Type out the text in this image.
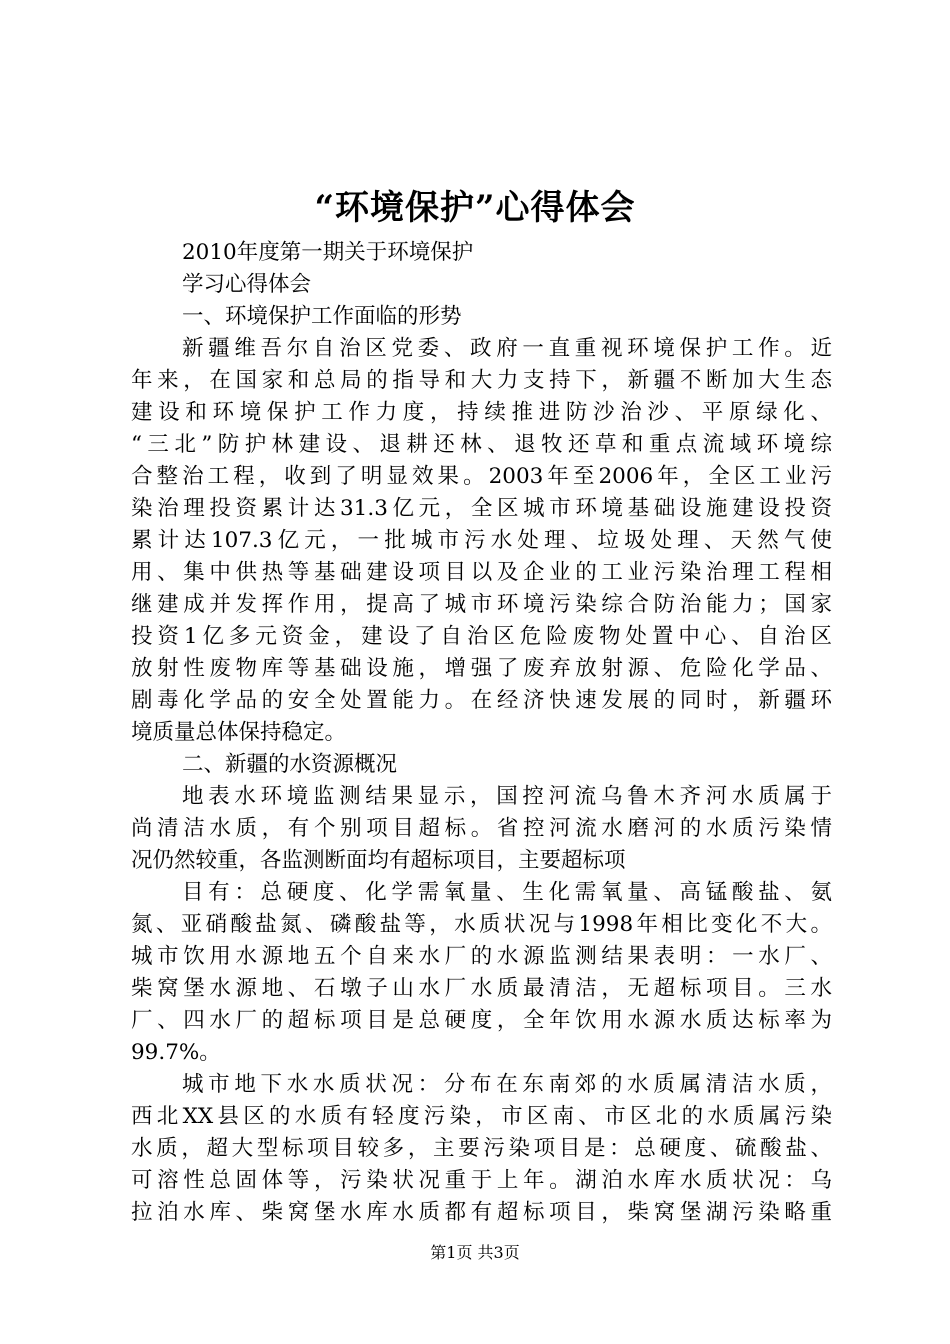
“环境保护”心得体会
2010年度第一期关于环境保护
学习心得体会
一、环境保护工作面临的形势
新疆维吾尔自治区党委、政府一直重视环境保护工作。近
年来，在国家和总局的指导和大力支持下，新疆不断加大生态
建设和环境保护工作力度，持续推进防沙治沙、平原绿化、
“三北”防护林建设、退耕还林、退牧还草和重点流域环境综
合整治工程，收到了明显效果。2003年至2006年，全区工业污
染治理投资累计达31.3亿元，全区城市环境基础设施建设投资
累计达107.3亿元，一批城市污水处理、垃圾处理、天然气使
用、集中供热等基础建设项目以及企业的工业污染治理工程相
继建成并发挥作用，提高了城市环境污染综合防治能力；国家
投资1亿多元资金，建设了自治区危险废物处置中心、自治区
放射性废物库等基础设施，增强了废弃放射源、危险化学品、
剧毒化学品的安全处置能力。在经济快速发展的同时，新疆环
境质量总体保持稳定。
二、新疆的水资源概况
地表水环境监测结果显示，国控河流乌鲁木齐河水质属于
尚清洁水质，有个别项目超标。省控河流水磨河的水质污染情
况仍然较重，各监测断面均有超标项目，主要超标项
目有：总硬度、化学需氧量、生化需氧量、高锰酸盐、氨
氮、亚硝酸盐氮、磷酸盐等，水质状况与1998年相比变化不大。
城市饮用水源地五个自来水厂的水源监测结果表明：一水厂、
柴窝堡水源地、石墩子山水厂水质最清洁，无超标项目。三水
厂、四水厂的超标项目是总硬度，全年饮用水源水质达标率为
99.7%。
城市地下水水质状况：分布在东南郊的水质属清洁水质，
西北XX县区的水质有轻度污染，市区南、市区北的水质属污染
水质，超大型标项目较多，主要污染项目是：总硬度、硫酸盐、
可溶性总固体等，污染状况重于上年。湖泊水库水质状况：乌
拉泊水库、柴窝堡水库水质都有超标项目，柴窝堡湖污染略重
第1页 共3页
